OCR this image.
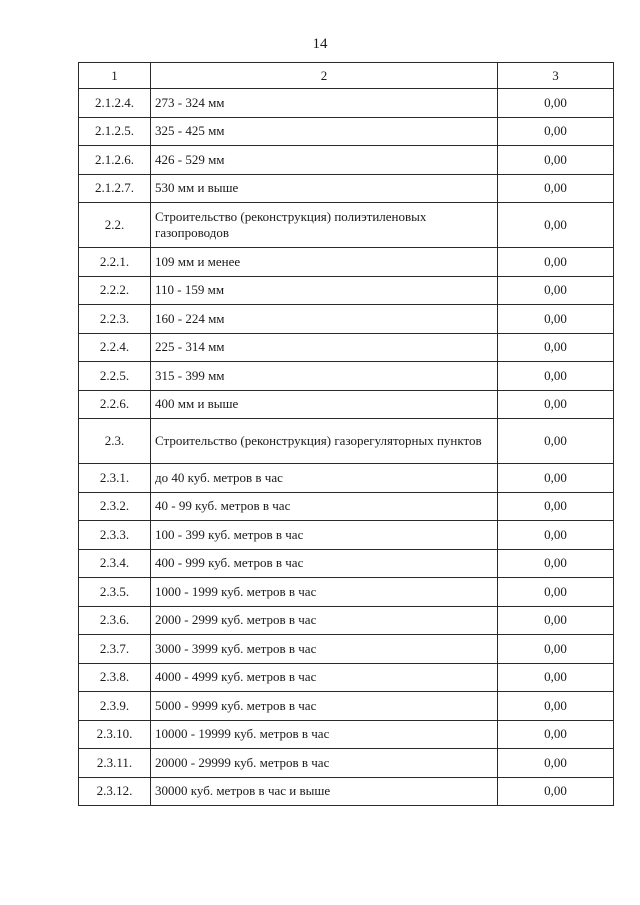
14
1	2	3
2.1.2.4.	273 - 324 мм	0,00
2.1.2.5.	325 - 425 мм	0,00
2.1.2.6.	426 - 529 мм	0,00
2.1.2.7.	530 мм и выше	0,00
2.2.	Строительство (реконструкция) полиэтиленовых газопроводов	0,00
2.2.1.	109 мм и менее	0,00
2.2.2.	110 - 159 мм	0,00
2.2.3.	160 - 224 мм	0,00
2.2.4.	225 - 314 мм	0,00
2.2.5.	315 - 399 мм	0,00
2.2.6.	400 мм и выше	0,00
2.3.	Строительство (реконструкция) газорегуляторных пунктов	0,00
2.3.1.	до 40 куб. метров в час	0,00
2.3.2.	40 - 99 куб. метров в час	0,00
2.3.3.	100 - 399 куб. метров в час	0,00
2.3.4.	400 - 999 куб. метров в час	0,00
2.3.5.	1000 - 1999 куб. метров в час	0,00
2.3.6.	2000 - 2999 куб. метров в час	0,00
2.3.7.	3000 - 3999 куб. метров в час	0,00
2.3.8.	4000 - 4999 куб. метров в час	0,00
2.3.9.	5000 - 9999 куб. метров в час	0,00
2.3.10.	10000 - 19999 куб. метров в час	0,00
2.3.11.	20000 - 29999 куб. метров в час	0,00
2.3.12.	30000 куб. метров в час и выше	0,00
